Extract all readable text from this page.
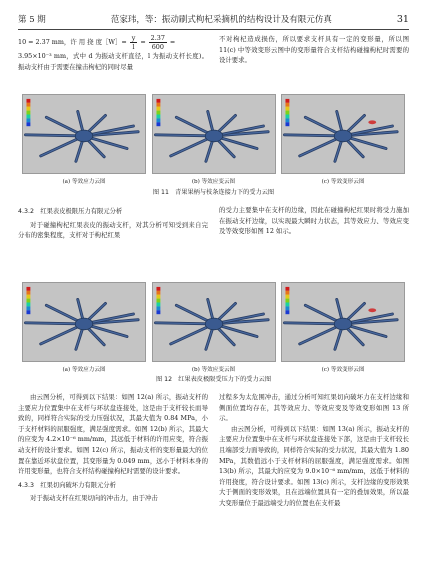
第 5 期	范家玮，等：振动刷式枸杞采摘机的结构设计及有限元仿真	31
10 = 2.37 mm，许 用 挠 度［W］= $\frac{y}{l} = \frac{2.37}{600}$ =

3.95×10⁻³ mm，式中 d 为振动支杆直径，l 为振动支杆长度)。振动支杆由于需要在撞击枸杞的同时尽量

不对枸杞造成损伤，所以要求支杆具有一定的变形量，所以图 11(c) 中等效变形云图中的变形量符合支杆结构碰撞枸杞时需要的设计要求。

(a) 等效应力云图	(b) 等效应变云图	(c) 等效变形云图
图 11　青果果柄与枝条连接力下的受力云图
4.3.2　红果表皮极限压力有限元分析

对于碰撞枸杞红果表皮的振动支杆，对其分析可知受到来自完分布的密集程度，支杆对于枸杞红果

的受力主要集中在支杆的边缘，因此在碰撞枸杞红果时将受力施加在振动支杆边缘，以实现最大瞬时力状态，其等效应力、等效应变及等效变形如图 12 如示。

(a) 等效应力云图	(b) 等效应变云图	(c) 等效变形云图
图 12　红果表皮极限受压力下的受力云图

由云图分析，可得到以下结果：如图 12(a) 所示，振动支杆的主要应力位置集中在支杆与环状盘连接处，这是由于支杆较长而导致的，同样符合实际的受力压强状况，其最大值为 0.84 MPa，小于支杆材料的屈服强度，满足强度需求。如图 12(b) 所示，其最大的应变为 4.2×10⁻⁶ mm/mm，其远低于材料的许用应变，符合振动支杆的设计要求。如图 12(c) 所示，振动支杆的变形量最大的位置在靠近环状盘位置，其变形量为 0.049 mm，远小于材料本身的许用变形量，也符合支杆结构碰撞枸杞时需要的设计要求。

4.3.3　红果切向破坏力有限元分析

对于振动支杆在红果切向的冲击力，由于冲击

过程多为太危围冲击，通过分析可知红果切向破坏力在支杆边缘和侧面位置均存在，其等效应力、等效应变及等效变形如图 13 所示。

由云图分析，可得到以下结果：如图 13(a) 所示，振动支杆的主要应力位置集中在支杆与环状盘连接处下部，这是由于支杆较长且端部受力面导致的，同样符合实际的受力状况，其最大值为 1.80 MPa，其数值远小于支杆材料的屈服强度，满足强度需求。如图 13(b) 所示，其最大的应变为 9.0×10⁻⁶ mm/mm，远低于材料的许用挠度，符合设计要求。如图 13(c) 所示，支杆边缘的变形效果大于侧面的变形效果，且在远端位置具有一定的叠加效果，所以最大变形量位于最远端受力的位置也在支杆最
